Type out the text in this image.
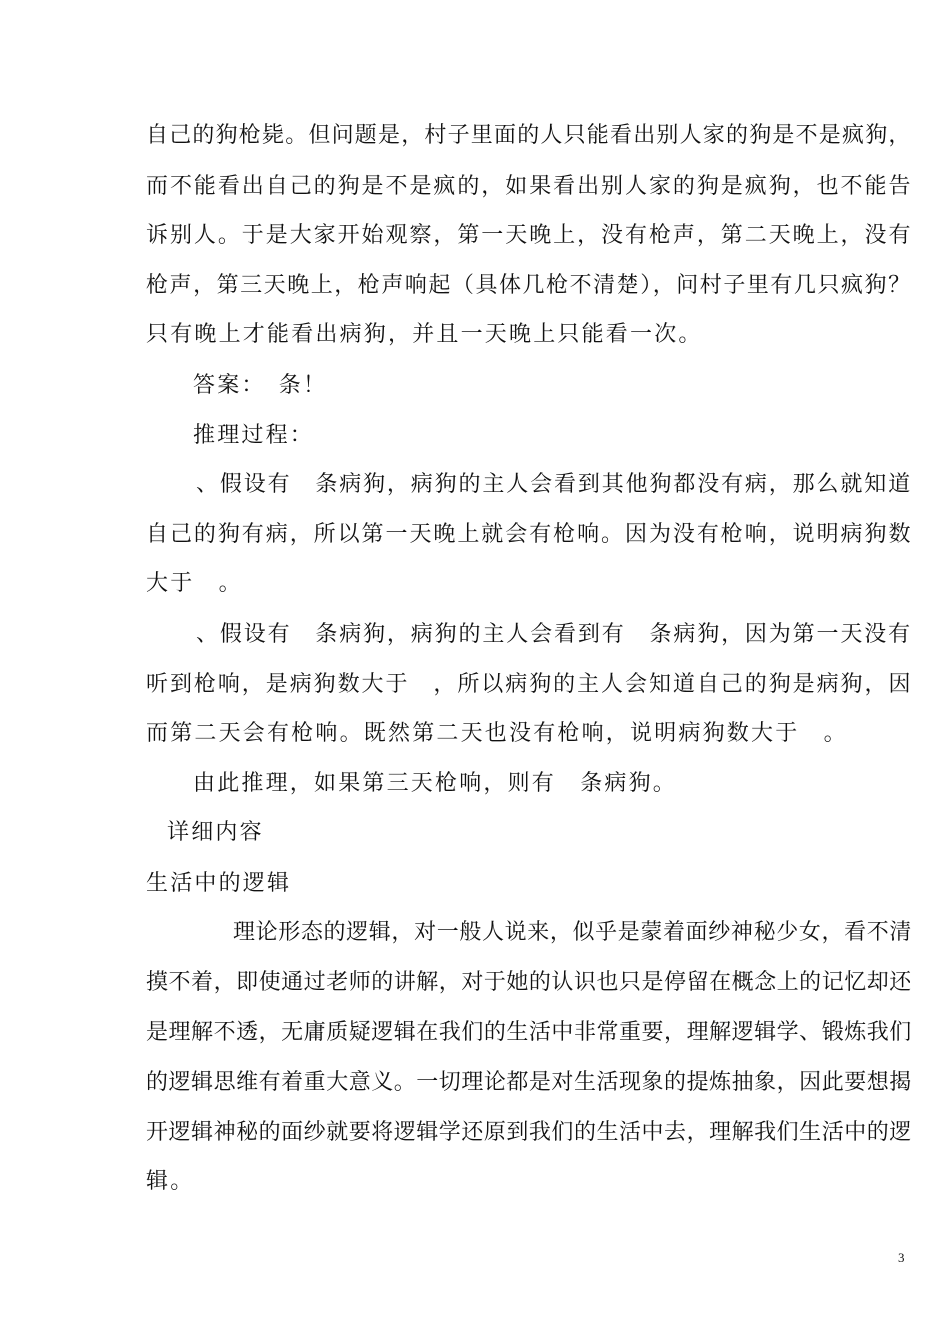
自己的狗枪毙。但问题是，村子里面的人只能看出别人家的狗是不是疯狗，
而不能看出自己的狗是不是疯的，如果看出别人家的狗是疯狗，也不能告
诉别人。于是大家开始观察，第一天晚上，没有枪声，第二天晚上，没有
枪声，第三天晚上，枪声响起（具体几枪不清楚），问村子里有几只疯狗？
只有晚上才能看出病狗，并且一天晚上只能看一次。
答案：　条！
推理过程：
、假设有　条病狗，病狗的主人会看到其他狗都没有病，那么就知道
自己的狗有病，所以第一天晚上就会有枪响。因为没有枪响，说明病狗数
大于　。
、假设有　条病狗，病狗的主人会看到有　条病狗，因为第一天没有
听到枪响，是病狗数大于　，所以病狗的主人会知道自己的狗是病狗，因
而第二天会有枪响。既然第二天也没有枪响，说明病狗数大于　。
由此推理，如果第三天枪响，则有　条病狗。
详细内容
生活中的逻辑
理论形态的逻辑，对一般人说来，似乎是蒙着面纱神秘少女，看不清
摸不着，即使通过老师的讲解，对于她的认识也只是停留在概念上的记忆却还
是理解不透，无庸质疑逻辑在我们的生活中非常重要，理解逻辑学、锻炼我们
的逻辑思维有着重大意义。一切理论都是对生活现象的提炼抽象，因此要想揭
开逻辑神秘的面纱就要将逻辑学还原到我们的生活中去，理解我们生活中的逻
辑。
3
